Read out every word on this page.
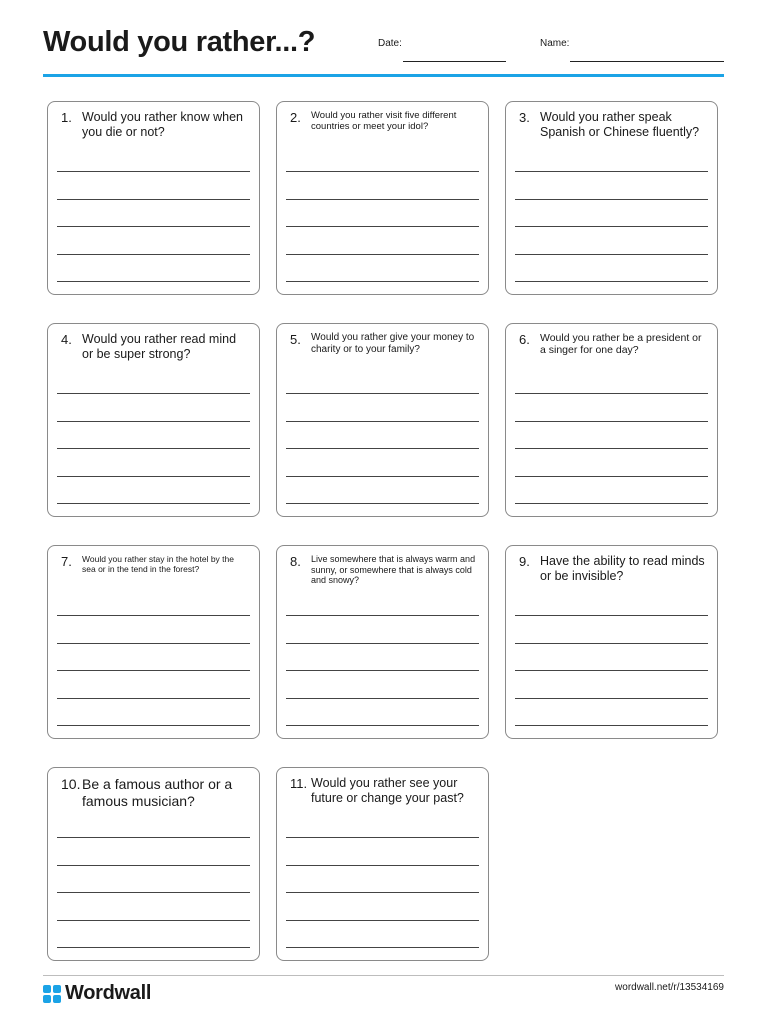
Would you rather...?	Date:	Name:
1. Would you rather know when you die or not?
2. Would you rather visit five different countries or meet your idol?
3. Would you rather speak Spanish or Chinese fluently?
4. Would you rather read mind or be super strong?
5. Would you rather give your money to charity or to your family?
6. Would you rather be a president or a singer for one day?
7. Would you rather stay in the hotel by the sea or in the tend in the forest?
8. Live somewhere that is always warm and sunny, or somewhere that is always cold and snowy?
9. Have the ability to read minds or be invisible?
10. Be a famous author or a famous musician?
11. Would you rather see your future or change your past?
Wordwall	wordwall.net/r/13534169
